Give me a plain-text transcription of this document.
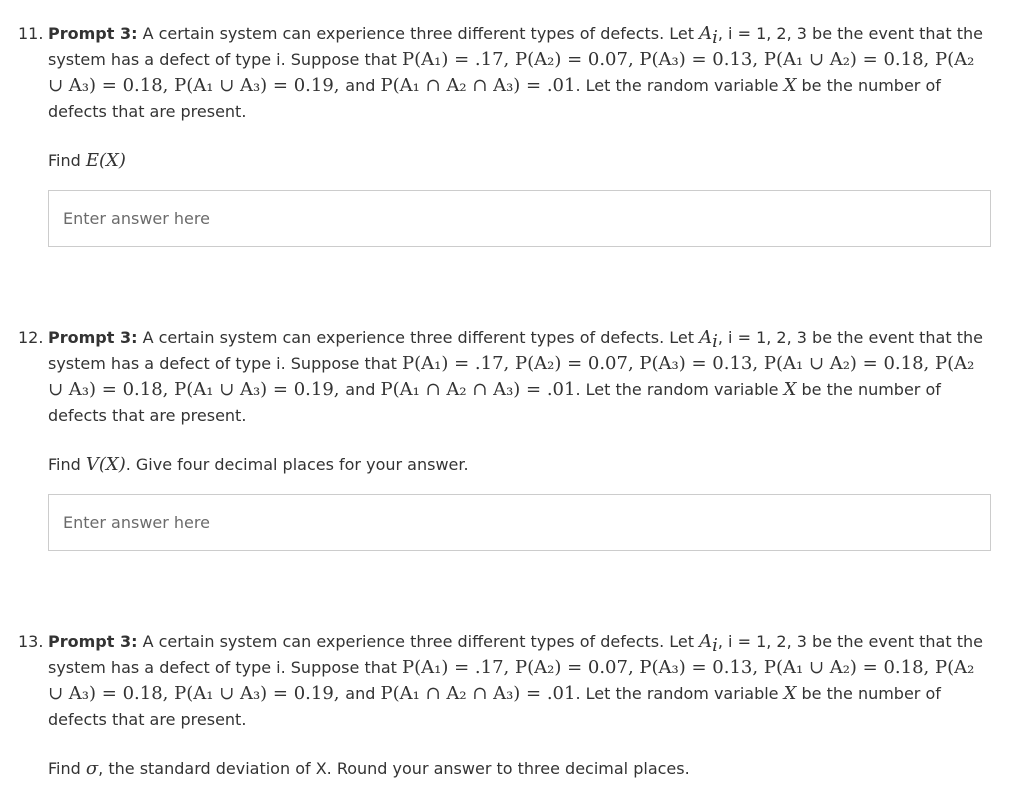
11. Prompt 3: A certain system can experience three different types of defects. Let $A_i$, i = 1, 2, 3 be the event that the system has a defect of type i. Suppose that P(A₁) = .17, P(A₂) = 0.07, P(A₃) = 0.13, P(A₁ ∪ A₂) = 0.18, P(A₂ ∪ A₃) = 0.18, P(A₁ ∪ A₃) = 0.19, and P(A₁ ∩ A₂ ∩ A₃) = .01. Let the random variable X be the number of defects that are present.
Find E(X)
Enter answer here
12. Prompt 3: A certain system can experience three different types of defects. Let $A_i$, i = 1, 2, 3 be the event that the system has a defect of type i. Suppose that P(A₁) = .17, P(A₂) = 0.07, P(A₃) = 0.13, P(A₁ ∪ A₂) = 0.18, P(A₂ ∪ A₃) = 0.18, P(A₁ ∪ A₃) = 0.19, and P(A₁ ∩ A₂ ∩ A₃) = .01. Let the random variable X be the number of defects that are present.
Find V(X). Give four decimal places for your answer.
Enter answer here
13. Prompt 3: A certain system can experience three different types of defects. Let $A_i$, i = 1, 2, 3 be the event that the system has a defect of type i. Suppose that P(A₁) = .17, P(A₂) = 0.07, P(A₃) = 0.13, P(A₁ ∪ A₂) = 0.18, P(A₂ ∪ A₃) = 0.18, P(A₁ ∪ A₃) = 0.19, and P(A₁ ∩ A₂ ∩ A₃) = .01. Let the random variable X be the number of defects that are present.
Find σ, the standard deviation of X. Round your answer to three decimal places.
